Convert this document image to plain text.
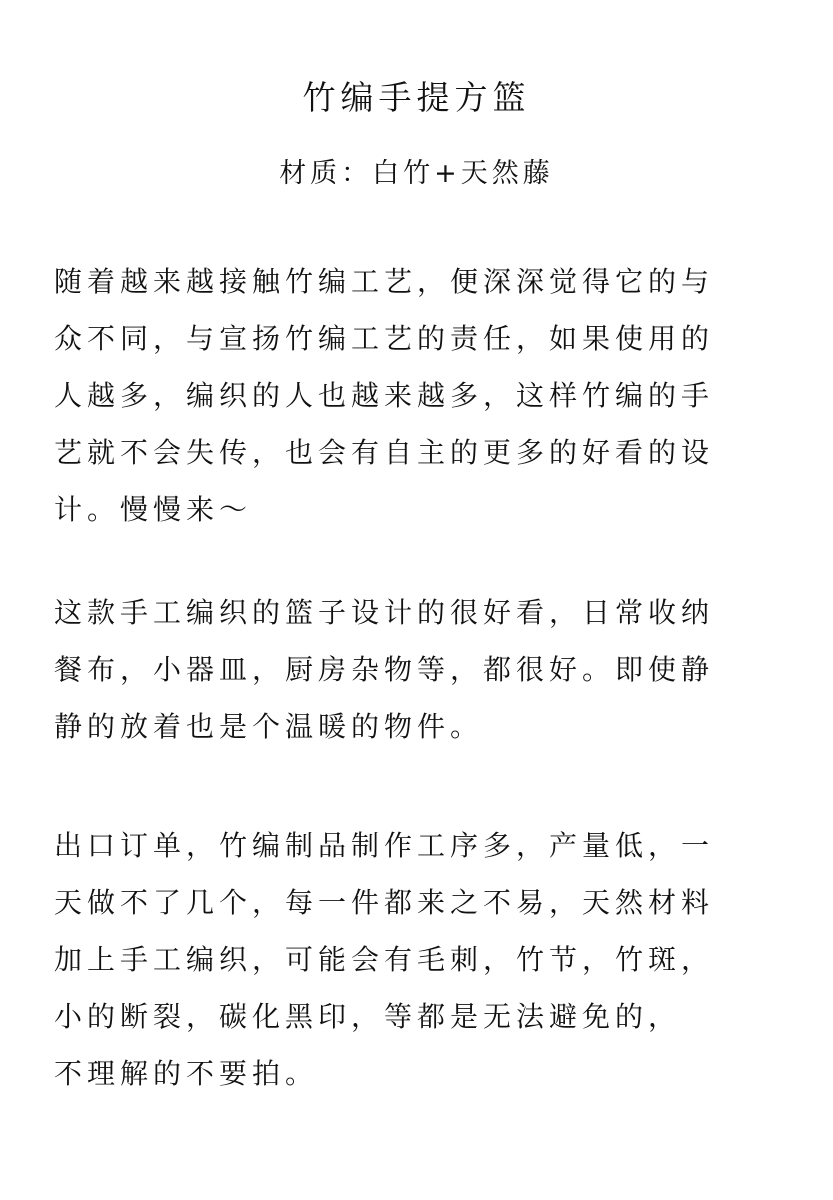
竹编手提方篮
材质：白竹+天然藤
随着越来越接触竹编工艺，便深深觉得它的与
众不同，与宣扬竹编工艺的责任，如果使用的
人越多，编织的人也越来越多，这样竹编的手
艺就不会失传，也会有自主的更多的好看的设
计。慢慢来～
这款手工编织的篮子设计的很好看，日常收纳
餐布，小器皿，厨房杂物等，都很好。即使静
静的放着也是个温暖的物件。
出口订单，竹编制品制作工序多，产量低，一
天做不了几个，每一件都来之不易，天然材料
加上手工编织，可能会有毛刺，竹节，竹斑，
小的断裂，碳化黑印，等都是无法避免的，
不理解的不要拍。
